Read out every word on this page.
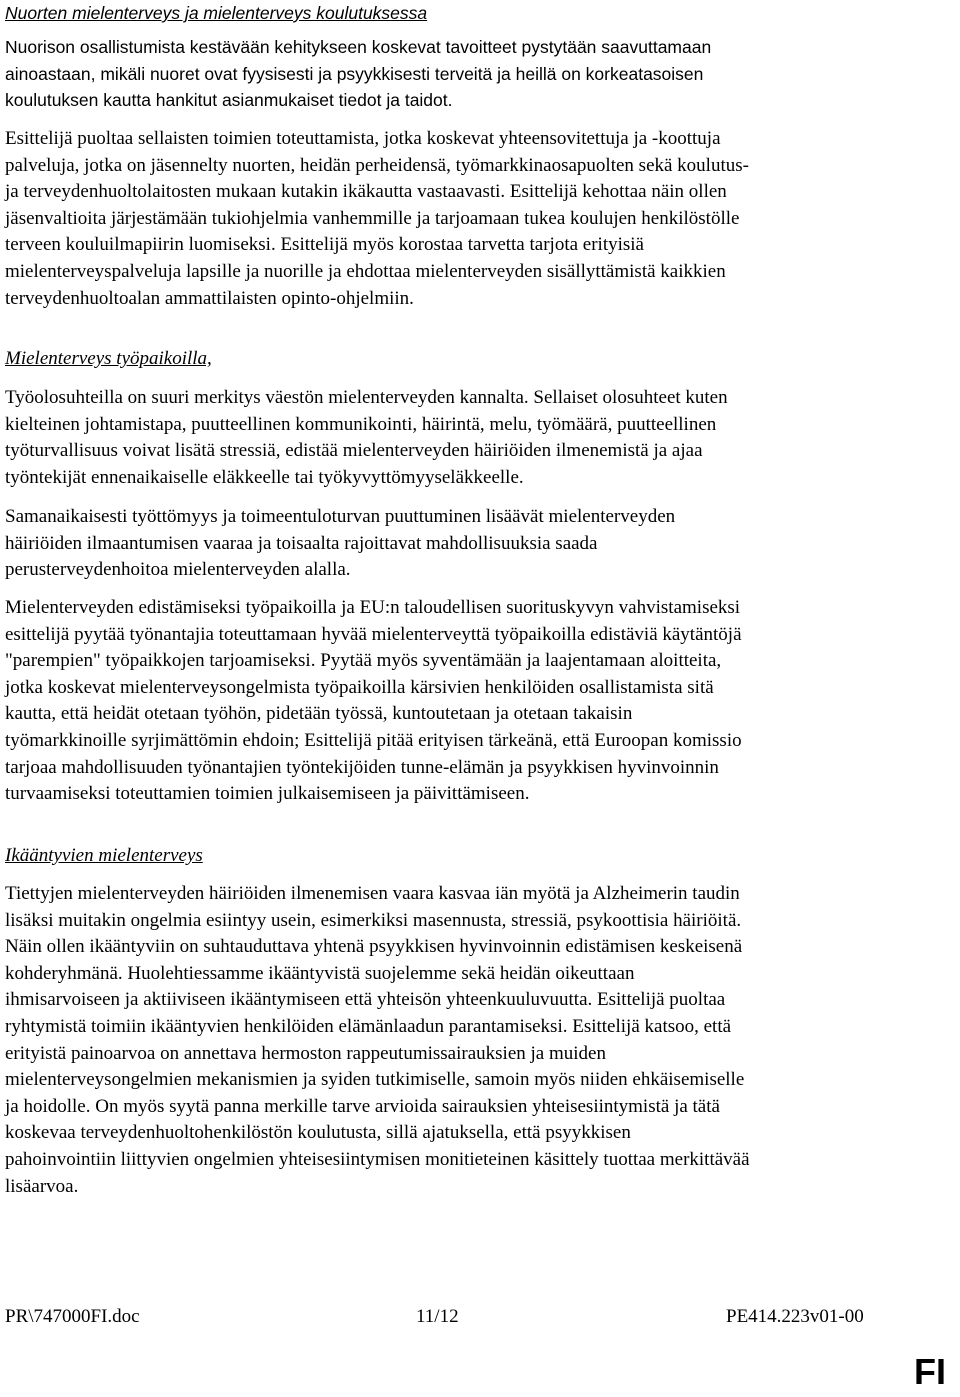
Nuorten mielenterveys ja mielenterveys koulutuksessa
Nuorison osallistumista kestävään kehitykseen koskevat tavoitteet pystytään saavuttamaan
ainoastaan, mikäli nuoret ovat fyysisesti ja psyykkisesti terveitä ja heillä on korkeatasoisen
koulutuksen kautta hankitut asianmukaiset tiedot ja taidot.
Esittelijä puoltaa sellaisten toimien toteuttamista, jotka koskevat yhteensovitettuja ja -koottuja
palveluja, jotka on jäsennelty nuorten, heidän perheidensä, työmarkkinaosapuolten sekä koulutus-
ja terveydenhuoltolaitosten mukaan kutakin ikäkautta vastaavasti. Esittelijä kehottaa näin ollen
jäsenvaltioita järjestämään tukiohjelmia vanhemmille ja tarjoamaan tukea koulujen henkilöstölle
terveen kouluilmapiirin luomiseksi. Esittelijä myös korostaa tarvetta tarjota erityisiä
mielenterveyspalveluja lapsille ja nuorille ja ehdottaa mielenterveyden sisällyttämistä kaikkien
terveydenhuoltoalan ammattilaisten opinto-ohjelmiin.
Mielenterveys työpaikoilla,
Työolosuhteilla on suuri merkitys väestön mielenterveyden kannalta. Sellaiset olosuhteet kuten
kielteinen johtamistapa, puutteellinen kommunikointi, häirintä, melu, työmäärä, puutteellinen
työturvallisuus voivat lisätä stressiä, edistää mielenterveyden häiriöiden ilmenemistä ja ajaa
työntekijät ennenaikaiselle eläkkeelle tai työkyvyttömyyseläkkeelle.
Samanaikaisesti työttömyys ja toimeentuloturvan puuttuminen lisäävät mielenterveyden
häiriöiden ilmaantumisen vaaraa ja toisaalta rajoittavat mahdollisuuksia saada
perusterveydenhoitoa mielenterveyden alalla.
Mielenterveyden edistämiseksi työpaikoilla ja EU:n taloudellisen suorituskyvyn vahvistamiseksi
esittelijä pyytää työnantajia toteuttamaan hyvää mielenterveyttä työpaikoilla edistäviä käytäntöjä
"parempien" työpaikkojen tarjoamiseksi. Pyytää myös syventämään ja laajentamaan aloitteita,
jotka koskevat mielenterveysongelmista työpaikoilla kärsivien henkilöiden osallistamista sitä
kautta, että heidät otetaan työhön, pidetään työssä, kuntoutetaan ja otetaan takaisin
työmarkkinoille syrjimättömin ehdoin; Esittelijä pitää erityisen tärkeänä, että Euroopan komissio
tarjoaa mahdollisuuden työnantajien työntekijöiden tunne-elämän ja psyykkisen hyvinvoinnin
turvaamiseksi toteuttamien toimien julkaisemiseen ja päivittämiseen.
Ikääntyvien mielenterveys
Tiettyjen mielenterveyden häiriöiden ilmenemisen vaara kasvaa iän myötä ja Alzheimerin taudin
lisäksi muitakin ongelmia esiintyy usein, esimerkiksi masennusta, stressiä, psykoottisia häiriöitä.
Näin ollen ikääntyviin on suhtauduttava yhtenä psyykkisen hyvinvoinnin edistämisen keskeisenä
kohderyhmänä. Huolehtiessamme ikääntyvistä suojelemme sekä heidän oikeuttaan
ihmisarvoiseen ja aktiiviseen ikääntymiseen että yhteisön yhteenkuuluvuutta. Esittelijä puoltaa
ryhtymistä toimiin ikääntyvien henkilöiden elämänlaadun parantamiseksi. Esittelijä katsoo, että
erityistä painoarvoa on annettava hermoston rappeutumissairauksien ja muiden
mielenterveysongelmien mekanismien ja syiden tutkimiselle, samoin myös niiden ehkäisemiselle
ja hoidolle. On myös syytä panna merkille tarve arvioida sairauksien yhteisesiintymistä ja tätä
koskevaa terveydenhuoltohenkilöstön koulutusta, sillä ajatuksella, että psyykkisen
pahoinvointiin liittyvien ongelmien yhteisesiintymisen monitieteinen käsittely tuottaa merkittävää
lisäarvoa.
PR\747000FI.doc	11/12	PE414.223v01-00
FI
